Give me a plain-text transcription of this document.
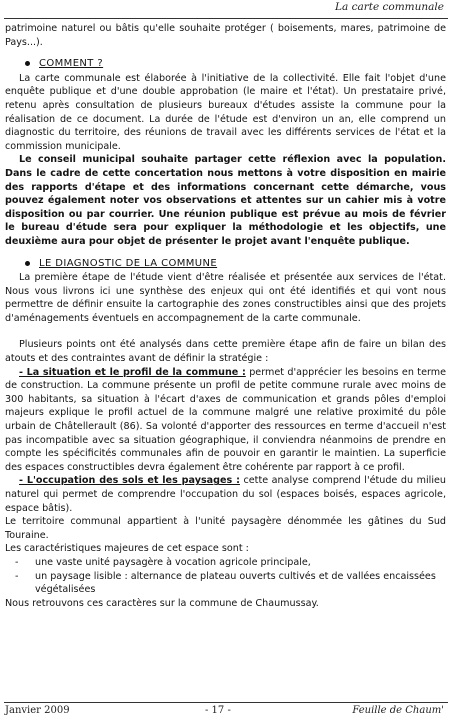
La carte communale

patrimoine naturel ou bâtis qu'elle souhaite protéger ( boisements, mares, patrimoine de Pays...).

COMMENT ?

La carte communale est élaborée à l'initiative de la collectivité. Elle fait l'objet d'une enquête publique et d'une double approbation (le maire et l'état). Un prestataire privé, retenu après consultation de plusieurs bureaux d'études assiste la commune pour la réalisation de ce document. La durée de l'étude est d'environ un an, elle comprend un diagnostic du territoire, des réunions de travail avec les différents services de l'état et la commission municipale.

Le conseil municipal souhaite partager cette réflexion avec la population. Dans le cadre de cette concertation nous mettons à votre disposition en mairie des rapports d'étape et des informations concernant cette démarche, vous pouvez également noter vos observations et attentes sur un cahier mis à votre disposition ou par courrier. Une réunion publique est prévue au mois de février le bureau d'étude sera pour expliquer la méthodologie et les objectifs, une deuxième aura pour objet de présenter le projet avant l'enquête publique.

LE DIAGNOSTIC DE LA COMMUNE

La première étape de l'étude vient d'être réalisée et présentée aux services de l'état. Nous vous livrons ici une synthèse des enjeux qui ont été identifiés et qui vont nous permettre de définir ensuite la cartographie des zones constructibles ainsi que des projets d'aménagements éventuels en accompagnement de la carte communale.

Plusieurs points ont été analysés dans cette première étape afin de faire un bilan des atouts et des contraintes avant de définir la stratégie :

- La situation et le profil de la commune : permet d'apprécier les besoins en terme de construction. La commune présente un profil de petite commune rurale avec moins de 300 habitants, sa situation à l'écart d'axes de communication et grands pôles d'emploi majeurs explique le profil actuel de la commune malgré une relative proximité du pôle urbain de Châtellerault (86). Sa volonté d'apporter des ressources en terme d'accueil n'est pas incompatible avec sa situation géographique, il conviendra néanmoins de prendre en compte les spécificités communales afin de pouvoir en garantir le maintien. La superficie des espaces constructibles devra également être cohérente par rapport à ce profil.

- L'occupation des sols et les paysages : cette analyse comprend l'étude du milieu naturel qui permet de comprendre l'occupation du sol (espaces boisés, espaces agricole, espace bâtis).

Le territoire communal appartient à l'unité paysagère dénommée les gâtines du Sud Touraine.

Les caractéristiques majeures de cet espace sont :

-	une vaste unité paysagère à vocation agricole principale,
-	un paysage lisible : alternance de plateau ouverts cultivés et de vallées encaissées végétalisées

Nous retrouvons ces caractères sur la commune de Chaumussay.

Janvier 2009	- 17 -	Feuille de Chaum'
